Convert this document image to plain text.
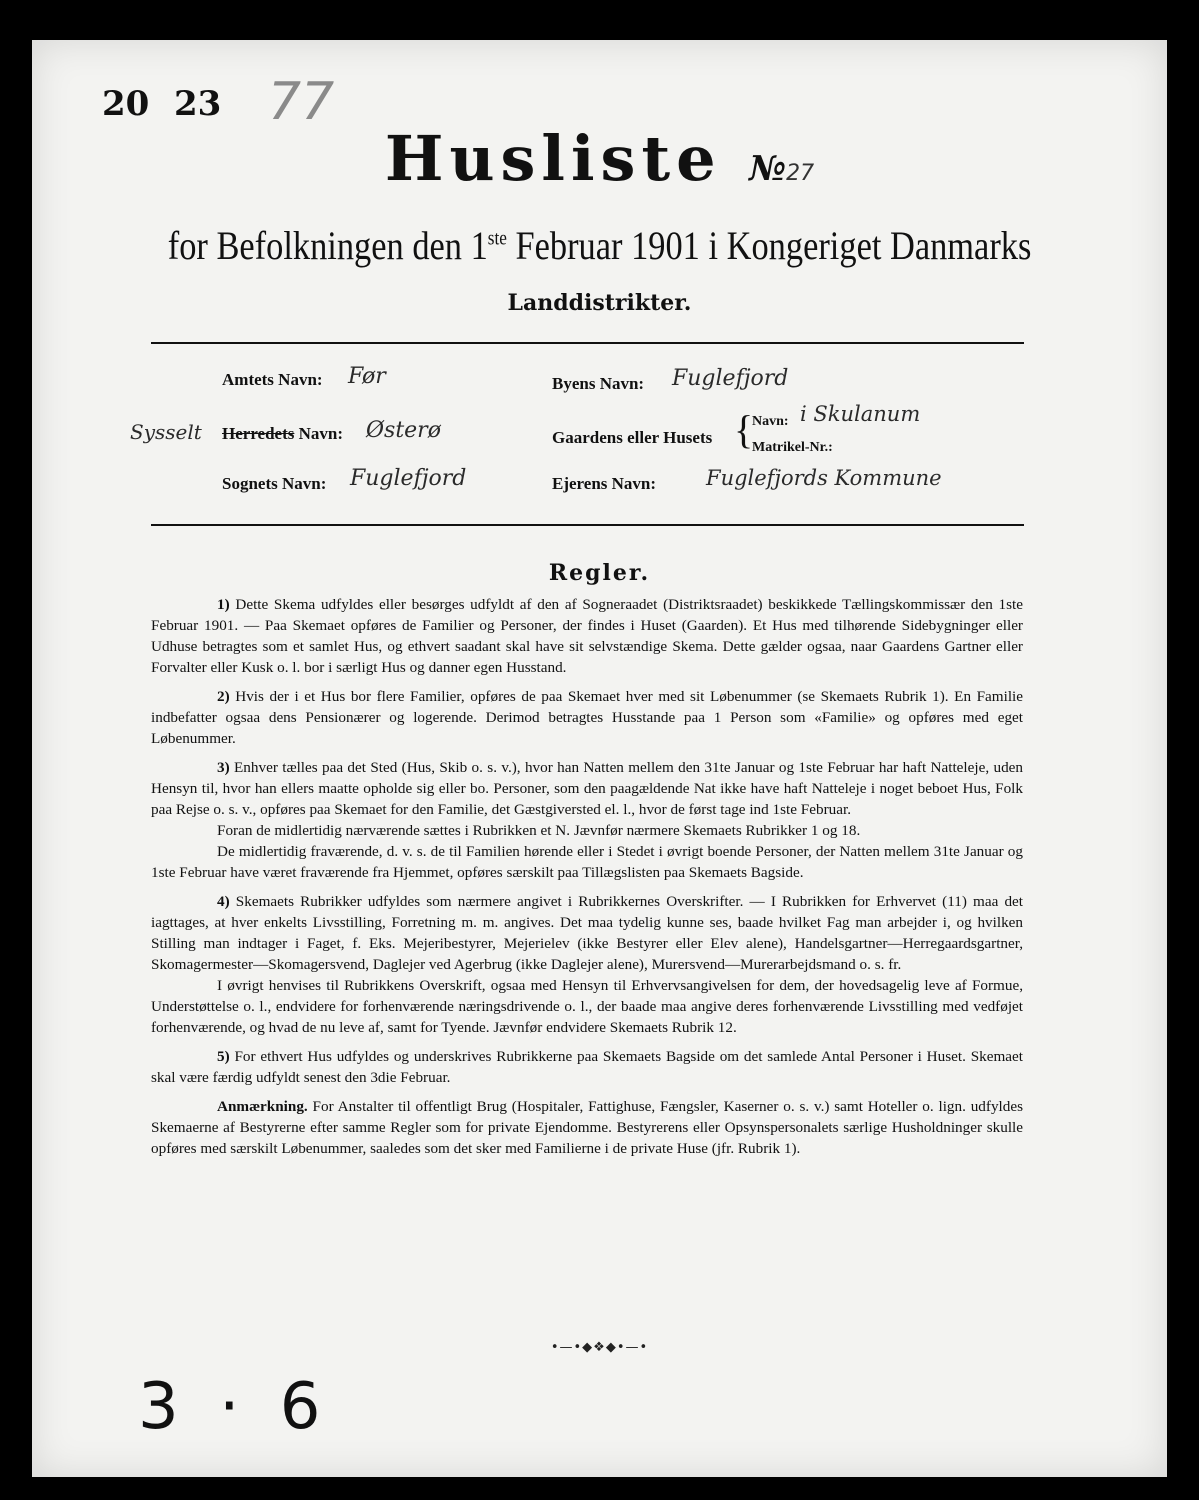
20 23 77
Husliste №27
for Befolkningen den 1ste Februar 1901 i Kongeriget Danmarks
Landdistrikter.
Amtets Navn: Før
Sysselt Herredets Navn: Østerø
Sognets Navn: Fuglefjord
Byens Navn: Fuglefjord
Gaardens eller Husets {
Navn: i Skulanum
Matrikel-Nr.:
Ejerens Navn: Fuglefjords Kommune
Regler.

1) Dette Skema udfyldes eller besørges udfyldt af den af Sogneraadet (Distriktsraadet) beskikkede Tællingskommissær den 1ste Februar 1901. — Paa Skemaet opføres de Familier og Personer, der findes i Huset (Gaarden). Et Hus med tilhørende Sidebygninger eller Udhuse betragtes som et samlet Hus, og ethvert saadant skal have sit selvstændige Skema. Dette gælder ogsaa, naar Gaardens Gartner eller Forvalter eller Kusk o. l. bor i særligt Hus og danner egen Husstand.

2) Hvis der i et Hus bor flere Familier, opføres de paa Skemaet hver med sit Løbenummer (se Skemaets Rubrik 1). En Familie indbefatter ogsaa dens Pensionærer og logerende. Derimod betragtes Husstande paa 1 Person som «Familie» og opføres med eget Løbenummer.

3) Enhver tælles paa det Sted (Hus, Skib o. s. v.), hvor han Natten mellem den 31te Januar og 1ste Februar har haft Natteleje, uden Hensyn til, hvor han ellers maatte opholde sig eller bo. Personer, som den paagældende Nat ikke have haft Natteleje i noget beboet Hus, Folk paa Rejse o. s. v., opføres paa Skemaet for den Familie, det Gæstgiversted el. l., hvor de først tage ind 1ste Februar.

Foran de midlertidig nærværende sættes i Rubrikken et N. Jævnfør nærmere Skemaets Rubrikker 1 og 18.

De midlertidig fraværende, d. v. s. de til Familien hørende eller i Stedet i øvrigt boende Personer, der Natten mellem 31te Januar og 1ste Februar have været fraværende fra Hjemmet, opføres særskilt paa Tillægslisten paa Skemaets Bagside.

4) Skemaets Rubrikker udfyldes som nærmere angivet i Rubrikkernes Overskrifter. — I Rubrikken for Erhvervet (11) maa det iagttages, at hver enkelts Livsstilling, Forretning m. m. angives. Det maa tydelig kunne ses, baade hvilket Fag man arbejder i, og hvilken Stilling man indtager i Faget, f. Eks. Mejeribestyrer, Mejerielev (ikke Bestyrer eller Elev alene), Handelsgartner—Herregaardsgartner, Skomagermester—Skomagersvend, Daglejer ved Agerbrug (ikke Daglejer alene), Murersvend—Murerarbejdsmand o. s. fr.

I øvrigt henvises til Rubrikkens Overskrift, ogsaa med Hensyn til Erhvervsangivelsen for dem, der hovedsagelig leve af Formue, Understøttelse o. l., endvidere for forhenværende næringsdrivende o. l., der baade maa angive deres forhenværende Livsstilling med vedføjet forhenværende, og hvad de nu leve af, samt for Tyende. Jævnfør endvidere Skemaets Rubrik 12.

5) For ethvert Hus udfyldes og underskrives Rubrikkerne paa Skemaets Bagside om det samlede Antal Personer i Huset. Skemaet skal være færdig udfyldt senest den 3die Februar.

Anmærkning. For Anstalter til offentligt Brug (Hospitaler, Fattighuse, Fængsler, Kaserner o. s. v.) samt Hoteller o. lign. udfyldes Skemaerne af Bestyrerne efter samme Regler som for private Ejendomme. Bestyrerens eller Opsynspersonalets særlige Husholdninger skulle opføres med særskilt Løbenummer, saaledes som det sker med Familierne i de private Huse (jfr. Rubrik 1).

•—•◆❖◆•—•
3 · 6
